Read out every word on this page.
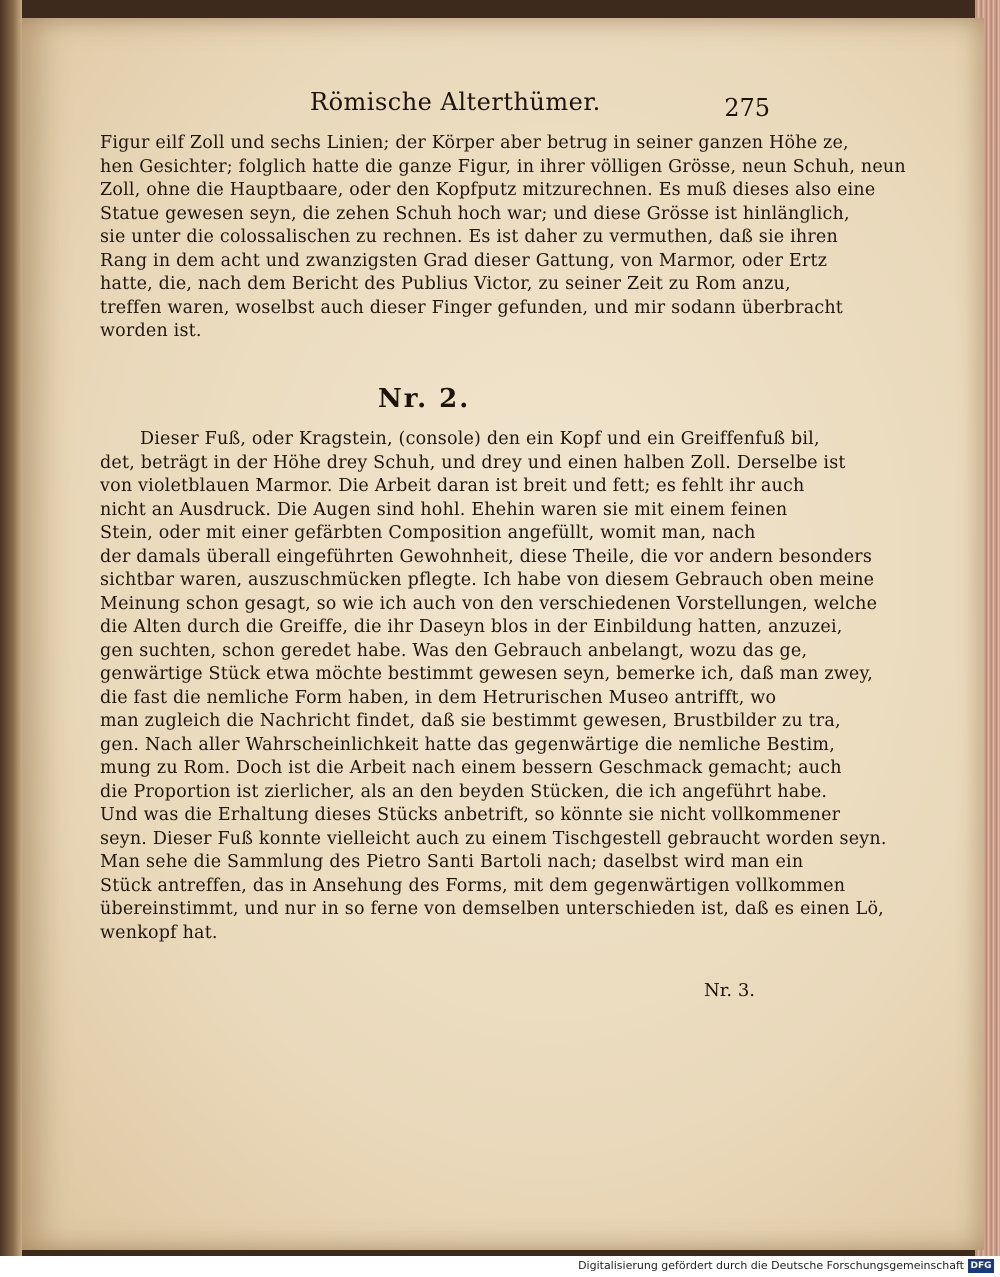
Römische Alterthümer.	275
Figur eilf Zoll und sechs Linien; der Körper aber betrug in seiner ganzen Höhe ze,
hen Gesichter; folglich hatte die ganze Figur, in ihrer völligen Grösse, neun Schuh, neun
Zoll, ohne die Hauptbaare, oder den Kopfputz mitzurechnen. Es muß dieses also eine
Statue gewesen seyn, die zehen Schuh hoch war; und diese Grösse ist hinlänglich,
sie unter die colossalischen zu rechnen. Es ist daher zu vermuthen, daß sie ihren
Rang in dem acht und zwanzigsten Grad dieser Gattung, von Marmor, oder Ertz
hatte, die, nach dem Bericht des Publius Victor, zu seiner Zeit zu Rom anzu,
treffen waren, woselbst auch dieser Finger gefunden, und mir sodann überbracht
worden ist.
Nr. 2.
Dieser Fuß, oder Kragstein, (console) den ein Kopf und ein Greiffenfuß bil,
det, beträgt in der Höhe drey Schuh, und drey und einen halben Zoll. Derselbe ist
von violetblauen Marmor. Die Arbeit daran ist breit und fett; es fehlt ihr auch
nicht an Ausdruck. Die Augen sind hohl. Ehehin waren sie mit einem feinen
Stein, oder mit einer gefärbten Composition angefüllt, womit man, nach
der damals überall eingeführten Gewohnheit, diese Theile, die vor andern besonders
sichtbar waren, auszuschmücken pflegte. Ich habe von diesem Gebrauch oben meine
Meinung schon gesagt, so wie ich auch von den verschiedenen Vorstellungen, welche
die Alten durch die Greiffe, die ihr Daseyn blos in der Einbildung hatten, anzuzei,
gen suchten, schon geredet habe. Was den Gebrauch anbelangt, wozu das ge,
genwärtige Stück etwa möchte bestimmt gewesen seyn, bemerke ich, daß man zwey,
die fast die nemliche Form haben, in dem Hetrurischen Museo antrifft, wo
man zugleich die Nachricht findet, daß sie bestimmt gewesen, Brustbilder zu tra,
gen. Nach aller Wahrscheinlichkeit hatte das gegenwärtige die nemliche Bestim,
mung zu Rom. Doch ist die Arbeit nach einem bessern Geschmack gemacht; auch
die Proportion ist zierlicher, als an den beyden Stücken, die ich angeführt habe.
Und was die Erhaltung dieses Stücks anbetrift, so könnte sie nicht vollkommener
seyn. Dieser Fuß konnte vielleicht auch zu einem Tischgestell gebraucht worden seyn.
Man sehe die Sammlung des Pietro Santi Bartoli nach; daselbst wird man ein
Stück antreffen, das in Ansehung des Forms, mit dem gegenwärtigen vollkommen
übereinstimmt, und nur in so ferne von demselben unterschieden ist, daß es einen Lö,
wenkopf hat.
Nr. 3.
Digitalisierung gefördert durch die Deutsche Forschungsgemeinschaft DFG
